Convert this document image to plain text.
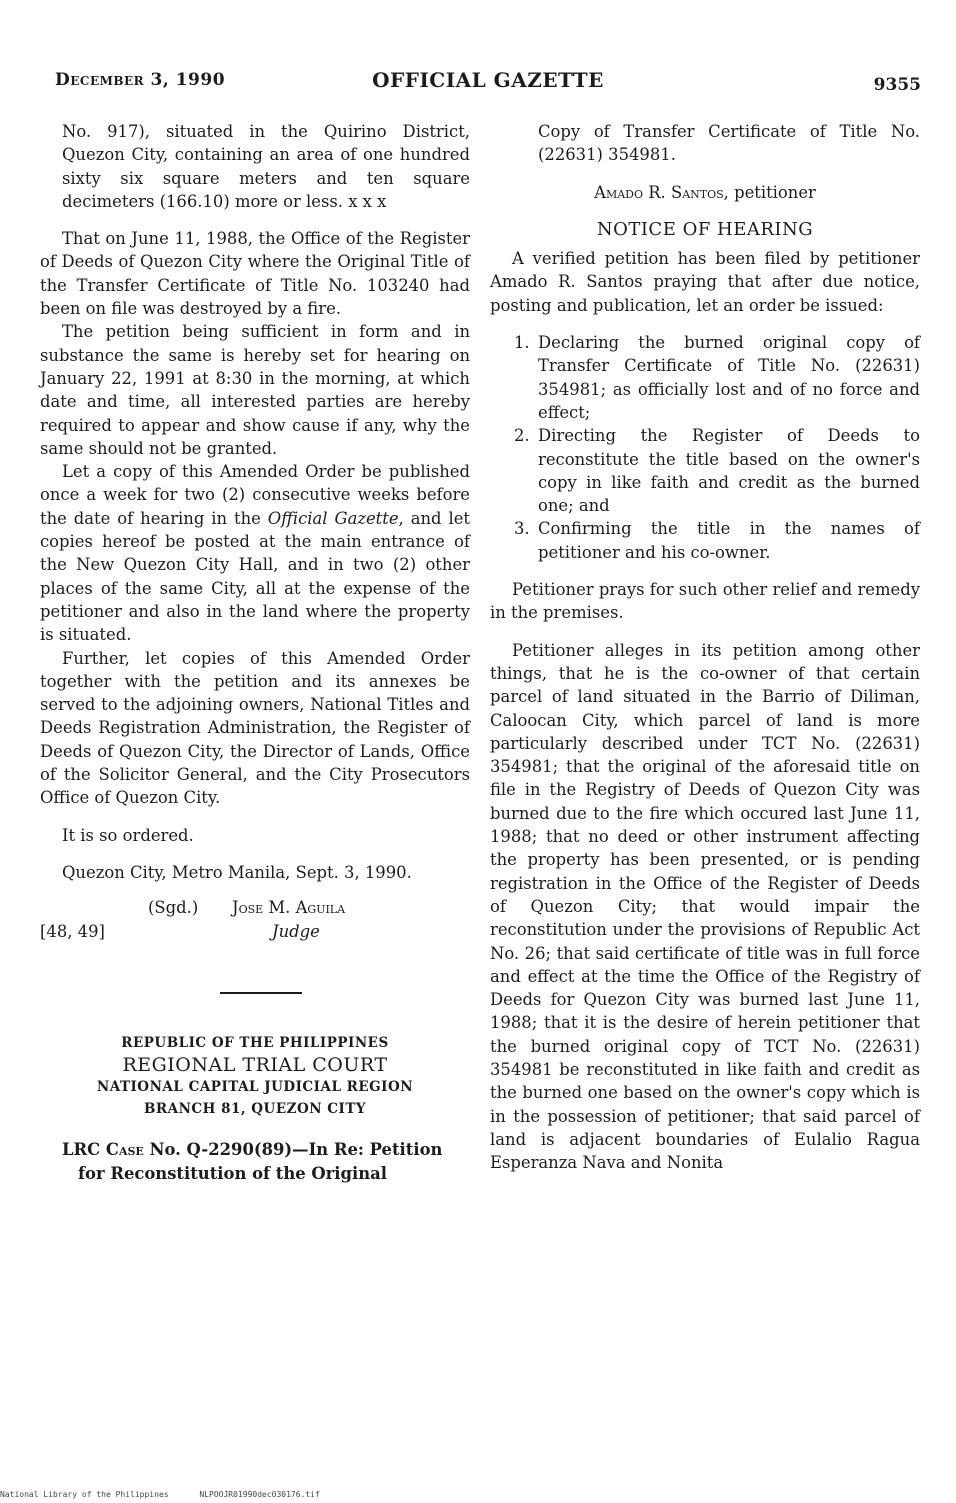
December 3, 1990	OFFICIAL GAZETTE	9355

No. 917), situated in the Quirino District, Quezon City, containing an area of one hundred sixty six square meters and ten square decimeters (166.10) more or less. x x x

That on June 11, 1988, the Office of the Register of Deeds of Quezon City where the Original Title of the Transfer Certificate of Title No. 103240 had been on file was destroyed by a fire.

The petition being sufficient in form and in substance the same is hereby set for hearing on January 22, 1991 at 8:30 in the morning, at which date and time, all interested parties are hereby required to appear and show cause if any, why the same should not be granted.

Let a copy of this Amended Order be published once a week for two (2) consecutive weeks before the date of hearing in the Official Gazette, and let copies hereof be posted at the main entrance of the New Quezon City Hall, and in two (2) other places of the same City, all at the expense of the petitioner and also in the land where the property is situated.

Further, let copies of this Amended Order together with the petition and its annexes be served to the adjoining owners, National Titles and Deeds Registration Administration, the Register of Deeds of Quezon City, the Director of Lands, Office of the Solicitor General, and the City Prosecutors Office of Quezon City.

It is so ordered.

Quezon City, Metro Manila, Sept. 3, 1990.

(Sgd.) Jose M. Aguila
[48, 49]	Judge
REPUBLIC OF THE PHILIPPINES
REGIONAL TRIAL COURT
NATIONAL CAPITAL JUDICIAL REGION
BRANCH 81, QUEZON CITY

LRC Case No. Q-2290(89)—In Re: Petition for Reconstitution of the Original

Copy of Transfer Certificate of Title No. (22631) 354981.

Amado R. Santos, petitioner

NOTICE OF HEARING

A verified petition has been filed by petitioner Amado R. Santos praying that after due notice, posting and publication, let an order be issued:

1. Declaring the burned original copy of Transfer Certificate of Title No. (22631) 354981; as officially lost and of no force and effect;
2. Directing the Register of Deeds to reconstitute the title based on the owner's copy in like faith and credit as the burned one; and
3. Confirming the title in the names of petitioner and his co-owner.

Petitioner prays for such other relief and remedy in the premises.

Petitioner alleges in its petition among other things, that he is the co-owner of that certain parcel of land situated in the Barrio of Diliman, Caloocan City, which parcel of land is more particularly described under TCT No. (22631) 354981; that the original of the aforesaid title on file in the Registry of Deeds of Quezon City was burned due to the fire which occured last June 11, 1988; that no deed or other instrument affecting the property has been presented, or is pending registration in the Office of the Register of Deeds of Quezon City; that would impair the reconstitution under the provisions of Republic Act No. 26; that said certificate of title was in full force and effect at the time the Office of the Registry of Deeds for Quezon City was burned last June 11, 1988; that it is the desire of herein petitioner that the burned original copy of TCT No. (22631) 354981 be reconstituted in like faith and credit as the burned one based on the owner's copy which is in the possession of petitioner; that said parcel of land is adjacent boundaries of Eulalio Ragua Esperanza Nava and Nonita

National Library of the Philippines	NLPOOJR01990dec030176.tif
